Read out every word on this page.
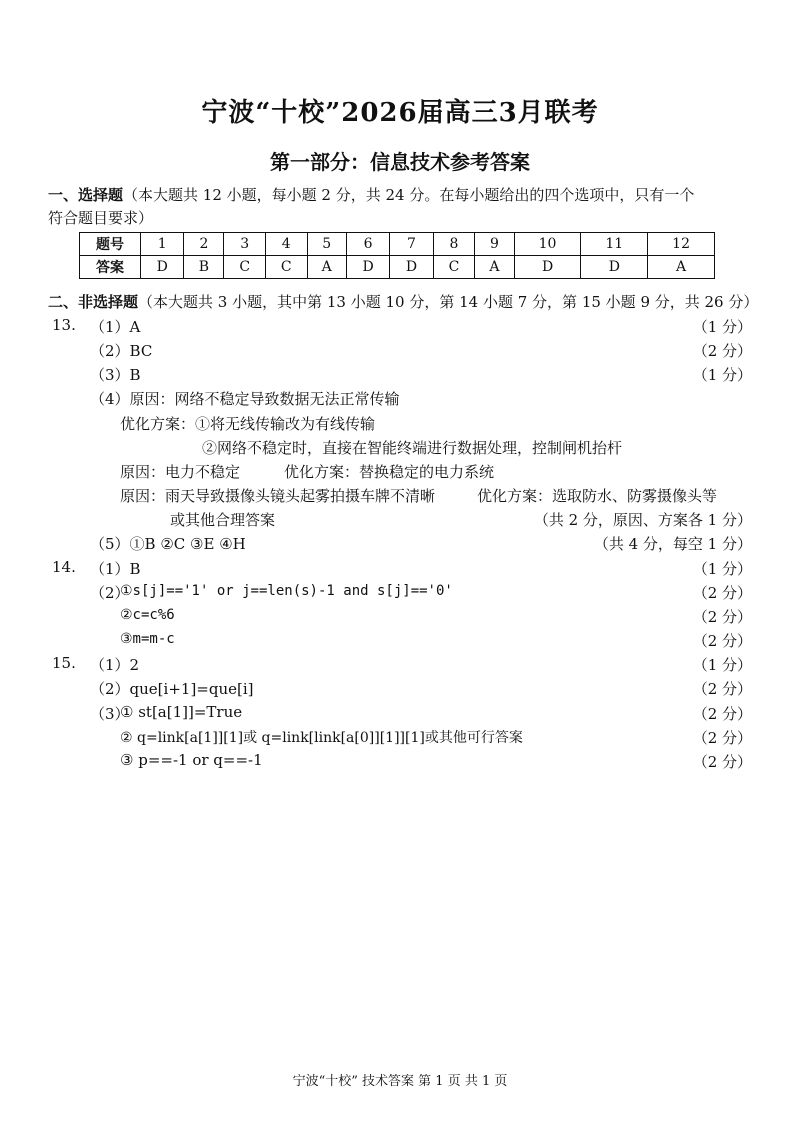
宁波“十校”2026届高三3月联考
第一部分：信息技术参考答案
一、选择题（本大题共 12 小题，每小题 2 分，共 24 分。在每小题给出的四个选项中，只有一个
符合题目要求）
题号	1	2	3	4	5	6	7	8	9	10	11	12
答案	D	B	C	C	A	D	D	C	A	D	D	A
二、非选择题（本大题共 3 小题，其中第 13 小题 10 分，第 14 小题 7 分，第 15 小题 9 分，共 26 分）
13. （1）A	（1 分）
（2）BC	（2 分）
（3）B	（1 分）
（4）原因：网络不稳定导致数据无法正常传输
优化方案：①将无线传输改为有线传输
②网络不稳定时，直接在智能终端进行数据处理，控制闸机抬杆
原因：电力不稳定	优化方案：替换稳定的电力系统
原因：雨天导致摄像头镜头起雾拍摄车牌不清晰	优化方案：选取防水、防雾摄像头等
或其他合理答案	（共 2 分，原因、方案各 1 分）
（5）①B ②C ③E ④H	（共 4 分，每空 1 分）
14. （1）B	（1 分）
（2）
①s[j]=='1' or j==len(s)-1 and s[j]=='0'	（2 分）
②c=c%6	（2 分）
③m=m-c	（2 分）
15. （1）2	（1 分）
（2）que[i+1]=que[i]	（2 分）
（3）
① st[a[1]]=True	（2 分）
② q=link[a[1]][1]或 q=link[link[a[0]][1]][1]或其他可行答案	（2 分）
③ p==-1 or q==-1	（2 分）
宁波“十校” 技术答案 第 1 页 共 1 页
